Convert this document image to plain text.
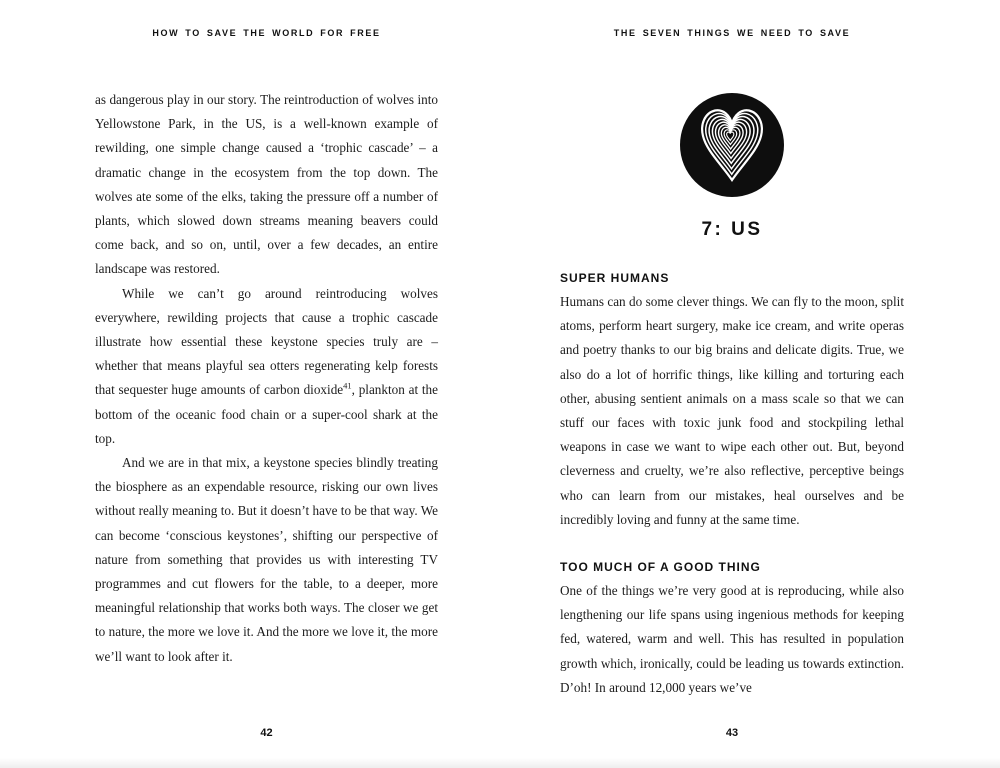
HOW TO SAVE THE WORLD FOR FREE

as dangerous play in our story. The reintroduction of wolves into Yellowstone Park, in the US, is a well-known example of rewilding, one simple change caused a ‘trophic cascade’ – a dramatic change in the ecosystem from the top down. The wolves ate some of the elks, taking the pressure off a number of plants, which slowed down streams meaning beavers could come back, and so on, until, over a few decades, an entire landscape was restored.

While we can’t go around reintroducing wolves everywhere, rewilding projects that cause a trophic cascade illustrate how essential these keystone species truly are – whether that means playful sea otters regenerating kelp forests that sequester huge amounts of carbon dioxide$^{41}$, plankton at the bottom of the oceanic food chain or a super-cool shark at the top.

And we are in that mix, a keystone species blindly treating the biosphere as an expendable resource, risking our own lives without really meaning to. But it doesn’t have to be that way. We can become ‘conscious keystones’, shifting our perspective of nature from something that provides us with interesting TV programmes and cut flowers for the table, to a deeper, more meaningful relationship that works both ways. The closer we get to nature, the more we love it. And the more we love it, the more we’ll want to look after it.

42
THE SEVEN THINGS WE NEED TO SAVE
7: US
SUPER HUMANS

Humans can do some clever things. We can fly to the moon, split atoms, perform heart surgery, make ice cream, and write operas and poetry thanks to our big brains and delicate digits. True, we also do a lot of horrific things, like killing and torturing each other, abusing sentient animals on a mass scale so that we can stuff our faces with toxic junk food and stockpiling lethal weapons in case we want to wipe each other out. But, beyond cleverness and cruelty, we’re also reflective, perceptive beings who can learn from our mistakes, heal ourselves and be incredibly loving and funny at the same time.

TOO MUCH OF A GOOD THING

One of the things we’re very good at is reproducing, while also lengthening our life spans using ingenious methods for keeping fed, watered, warm and well. This has resulted in population growth which, ironically, could be leading us towards extinction. D’oh! In around 12,000 years we’ve

43
